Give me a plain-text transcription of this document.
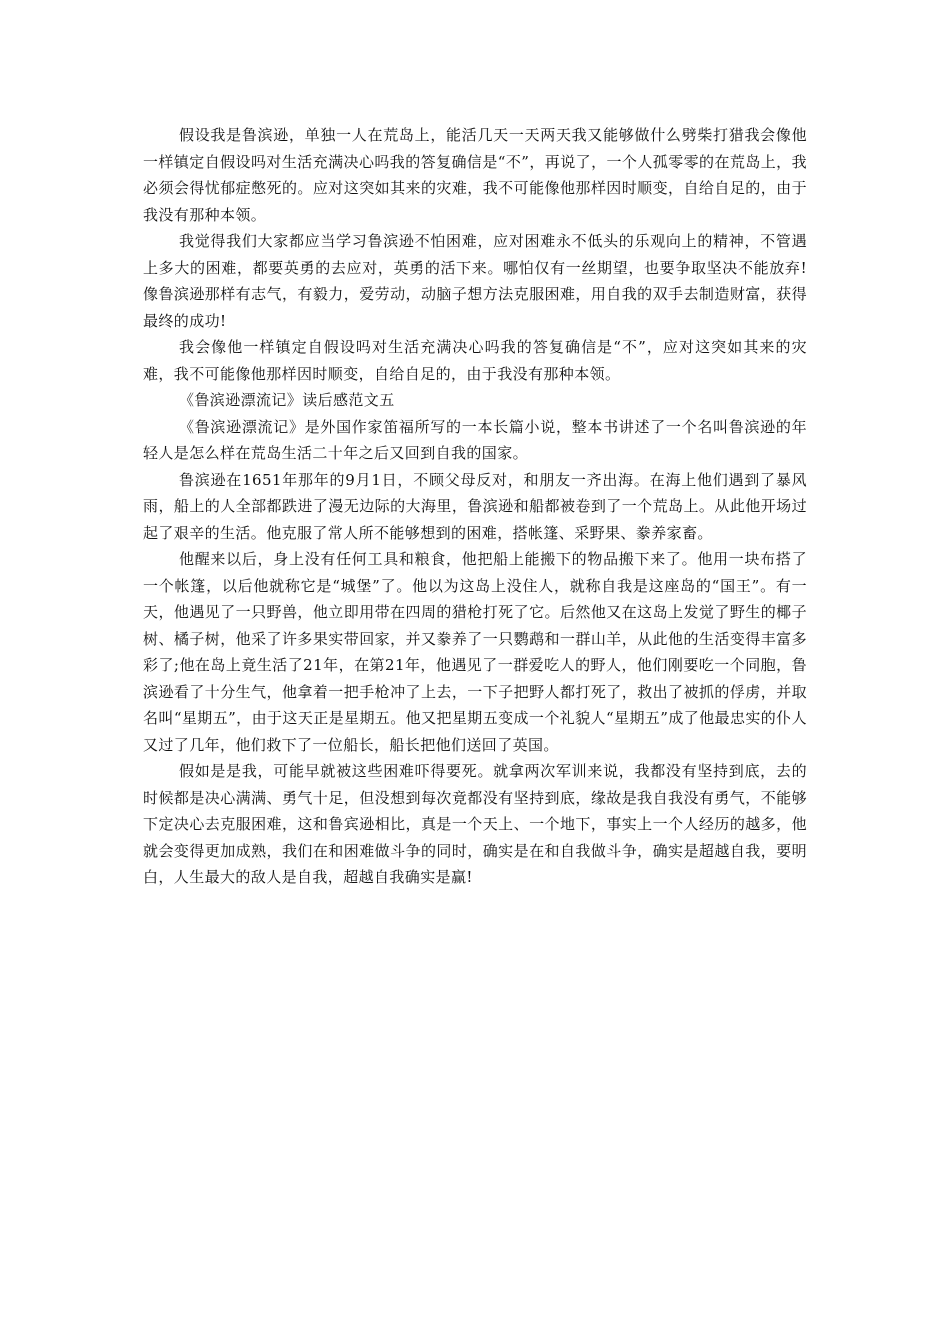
假设我是鲁滨逊，单独一人在荒岛上，能活几天一天两天我又能够做什么劈柴打猎我会像他一样镇定自假设吗对生活充满决心吗我的答复确信是“不”，再说了，一个人孤零零的在荒岛上，我必须会得忧郁症憋死的。应对这突如其来的灾难，我不可能像他那样因时顺变，自给自足的，由于我没有那种本领。

我觉得我们大家都应当学习鲁滨逊不怕困难，应对困难永不低头的乐观向上的精神，不管遇上多大的困难，都要英勇的去应对，英勇的活下来。哪怕仅有一丝期望，也要争取坚决不能放弃!像鲁滨逊那样有志气，有毅力，爱劳动，动脑子想方法克服困难，用自我的双手去制造财富，获得最终的成功!

我会像他一样镇定自假设吗对生活充满决心吗我的答复确信是“不”，应对这突如其来的灾难，我不可能像他那样因时顺变，自给自足的，由于我没有那种本领。

《鲁滨逊漂流记》读后感范文五

《鲁滨逊漂流记》是外国作家笛福所写的一本长篇小说，整本书讲述了一个名叫鲁滨逊的年轻人是怎么样在荒岛生活二十年之后又回到自我的国家。

鲁滨逊在1651年那年的9月1日，不顾父母反对，和朋友一齐出海。在海上他们遇到了暴风雨，船上的人全部都跌进了漫无边际的大海里，鲁滨逊和船都被卷到了一个荒岛上。从此他开场过起了艰辛的生活。他克服了常人所不能够想到的困难，搭帐篷、采野果、豢养家畜。

他醒来以后，身上没有任何工具和粮食，他把船上能搬下的物品搬下来了。他用一块布搭了一个帐篷，以后他就称它是“城堡”了。他以为这岛上没住人，就称自我是这座岛的“国王”。有一天，他遇见了一只野兽，他立即用带在四周的猎枪打死了它。后然他又在这岛上发觉了野生的椰子树、橘子树，他采了许多果实带回家，并又豢养了一只鹦鹉和一群山羊，从此他的生活变得丰富多彩了;他在岛上竟生活了21年，在第21年，他遇见了一群爱吃人的野人，他们刚要吃一个同胞，鲁滨逊看了十分生气，他拿着一把手枪冲了上去，一下子把野人都打死了，救出了被抓的俘虏，并取名叫“星期五”，由于这天正是星期五。他又把星期五变成一个礼貌人“星期五”成了他最忠实的仆人又过了几年，他们救下了一位船长，船长把他们送回了英国。

假如是是我，可能早就被这些困难吓得要死。就拿两次军训来说，我都没有坚持到底，去的时候都是决心满满、勇气十足，但没想到每次竟都没有坚持到底，缘故是我自我没有勇气，不能够下定决心去克服困难，这和鲁宾逊相比，真是一个天上、一个地下，事实上一个人经历的越多，他就会变得更加成熟，我们在和困难做斗争的同时，确实是在和自我做斗争，确实是超越自我，要明白，人生最大的敌人是自我，超越自我确实是赢!
